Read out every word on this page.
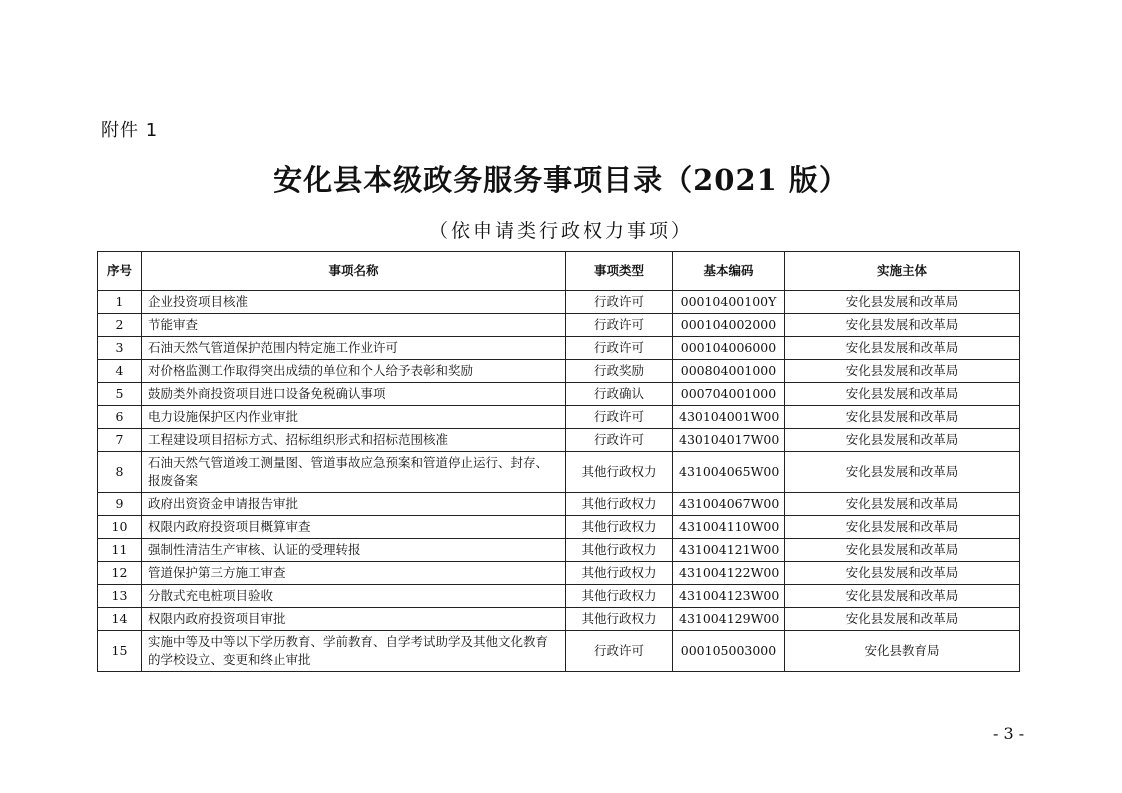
附件 1
安化县本级政务服务事项目录（2021 版）
（依申请类行政权力事项）
序号	事项名称	事项类型	基本编码	实施主体
1	企业投资项目核准	行政许可	00010400100Y	安化县发展和改革局
2	节能审查	行政许可	000104002000	安化县发展和改革局
3	石油天然气管道保护范围内特定施工作业许可	行政许可	000104006000	安化县发展和改革局
4	对价格监测工作取得突出成绩的单位和个人给予表彰和奖励	行政奖励	000804001000	安化县发展和改革局
5	鼓励类外商投资项目进口设备免税确认事项	行政确认	000704001000	安化县发展和改革局
6	电力设施保护区内作业审批	行政许可	430104001W00	安化县发展和改革局
7	工程建设项目招标方式、招标组织形式和招标范围核准	行政许可	430104017W00	安化县发展和改革局
8	石油天然气管道竣工测量图、管道事故应急预案和管道停止运行、封存、报废备案	其他行政权力	431004065W00	安化县发展和改革局
9	政府出资资金申请报告审批	其他行政权力	431004067W00	安化县发展和改革局
10	权限内政府投资项目概算审查	其他行政权力	431004110W00	安化县发展和改革局
11	强制性清洁生产审核、认证的受理转报	其他行政权力	431004121W00	安化县发展和改革局
12	管道保护第三方施工审查	其他行政权力	431004122W00	安化县发展和改革局
13	分散式充电桩项目验收	其他行政权力	431004123W00	安化县发展和改革局
14	权限内政府投资项目审批	其他行政权力	431004129W00	安化县发展和改革局
15	实施中等及中等以下学历教育、学前教育、自学考试助学及其他文化教育的学校设立、变更和终止审批	行政许可	000105003000	安化县教育局
- 3 -
